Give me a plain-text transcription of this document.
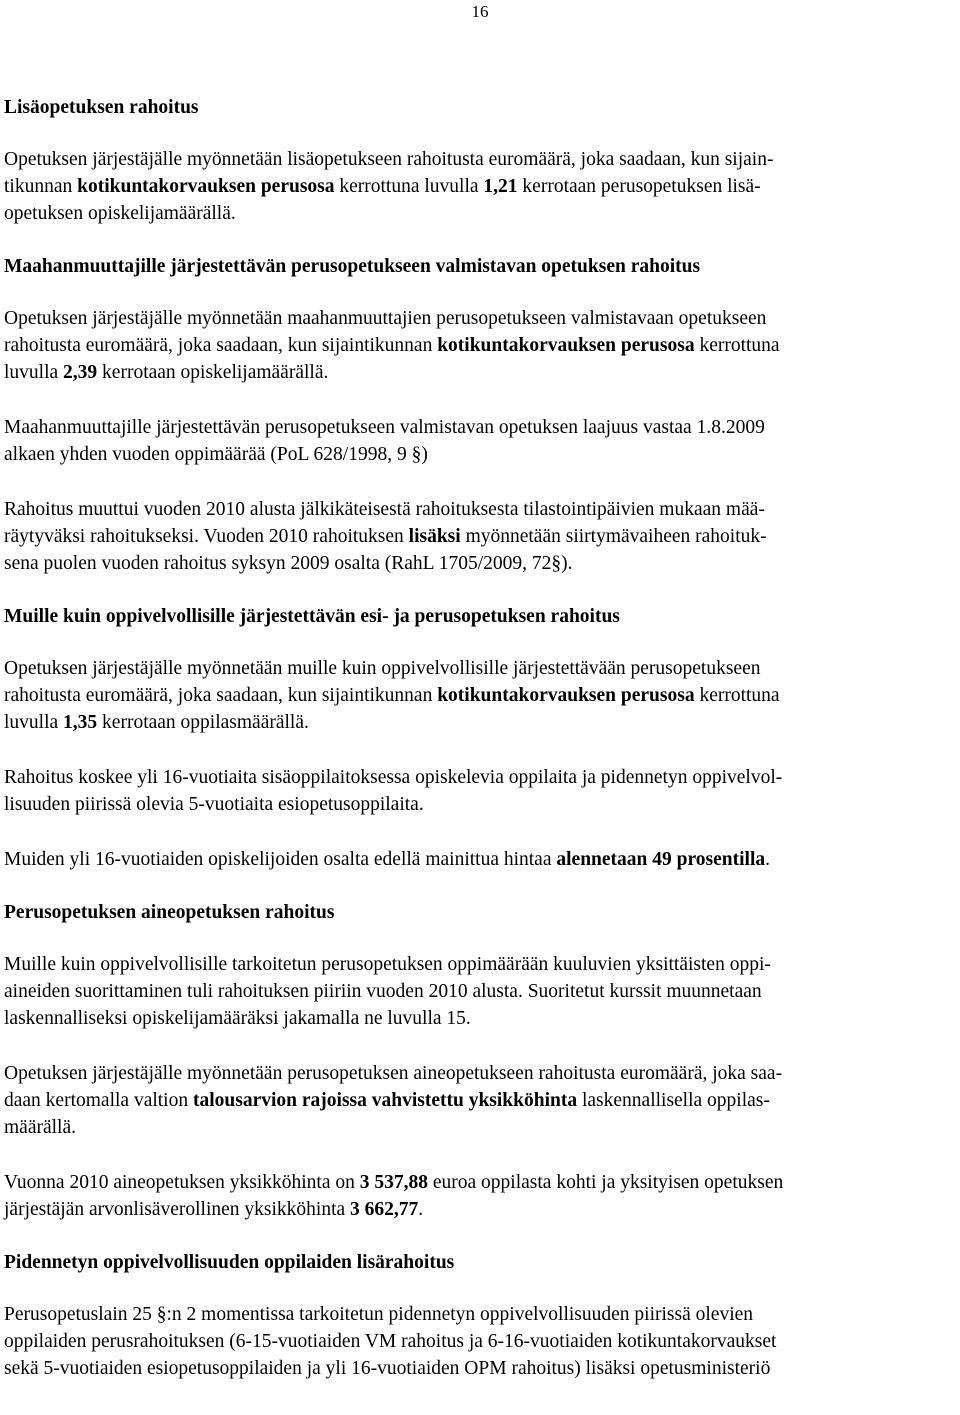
16
Lisäopetuksen rahoitus

Opetuksen järjestäjälle myönnetään lisäopetukseen rahoitusta euromäärä, joka saadaan, kun sijain-
tikunnan kotikuntakorvauksen perusosa kerrottuna luvulla 1,21 kerrotaan perusopetuksen lisä-
opetuksen opiskelijamäärällä.

Maahanmuuttajille järjestettävän perusopetukseen valmistavan opetuksen rahoitus

Opetuksen järjestäjälle myönnetään maahanmuuttajien perusopetukseen valmistavaan opetukseen
rahoitusta euromäärä, joka saadaan, kun sijaintikunnan kotikuntakorvauksen perusosa kerrottuna
luvulla 2,39 kerrotaan opiskelijamäärällä.

Maahanmuuttajille järjestettävän perusopetukseen valmistavan opetuksen laajuus vastaa 1.8.2009
alkaen yhden vuoden oppimäärää (PoL 628/1998, 9 §)

Rahoitus muuttui vuoden 2010 alusta jälkikäteisestä rahoituksesta tilastointipäivien mukaan mää-
räytyväksi rahoitukseksi. Vuoden 2010 rahoituksen lisäksi myönnetään siirtymävaiheen rahoituk-
sena puolen vuoden rahoitus syksyn 2009 osalta (RahL 1705/2009, 72§).

Muille kuin oppivelvollisille järjestettävän esi- ja perusopetuksen rahoitus

Opetuksen järjestäjälle myönnetään muille kuin oppivelvollisille järjestettävään perusopetukseen
rahoitusta euromäärä, joka saadaan, kun sijaintikunnan kotikuntakorvauksen perusosa kerrottuna
luvulla 1,35 kerrotaan oppilasmäärällä.

Rahoitus koskee yli 16-vuotiaita sisäoppilaitoksessa opiskelevia oppilaita ja pidennetyn oppivelvol-
lisuuden piirissä olevia 5-vuotiaita esiopetusoppilaita.

Muiden yli 16-vuotiaiden opiskelijoiden osalta edellä mainittua hintaa alennetaan 49 prosentilla.

Perusopetuksen aineopetuksen rahoitus

Muille kuin oppivelvollisille tarkoitetun perusopetuksen oppimäärään kuuluvien yksittäisten oppi-
aineiden suorittaminen tuli rahoituksen piiriin vuoden 2010 alusta. Suoritetut kurssit muunnetaan
laskennalliseksi opiskelijamääräksi jakamalla ne luvulla 15.

Opetuksen järjestäjälle myönnetään perusopetuksen aineopetukseen rahoitusta euromäärä, joka saa-
daan kertomalla valtion talousarvion rajoissa vahvistettu yksikköhinta laskennallisella oppilas-
määrällä.

Vuonna 2010 aineopetuksen yksikköhinta on 3 537,88 euroa oppilasta kohti ja yksityisen opetuksen
järjestäjän arvonlisäverollinen yksikköhinta 3 662,77.

Pidennetyn oppivelvollisuuden oppilaiden lisärahoitus

Perusopetuslain 25 §:n 2 momentissa tarkoitetun pidennetyn oppivelvollisuuden piirissä olevien
oppilaiden perusrahoituksen (6-15-vuotiaiden VM rahoitus ja 6-16-vuotiaiden kotikuntakorvaukset
sekä 5-vuotiaiden esiopetusoppilaiden ja yli 16-vuotiaiden OPM rahoitus) lisäksi opetusministeriö
